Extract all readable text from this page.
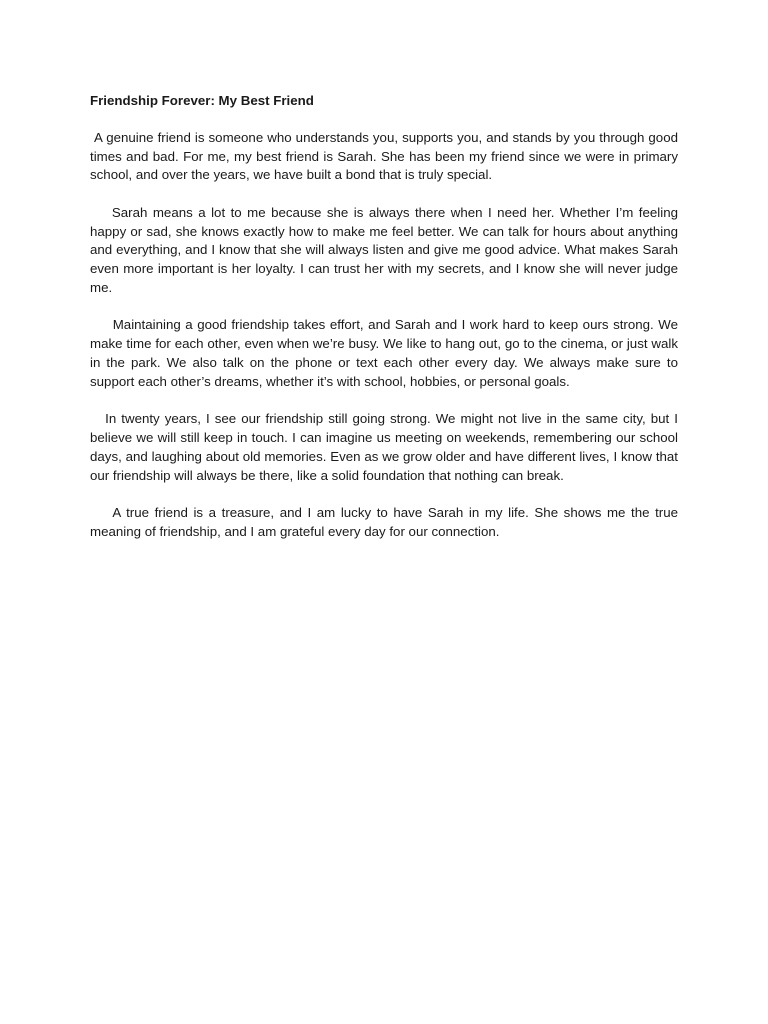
Friendship Forever: My Best Friend

A genuine friend is someone who understands you, supports you, and stands by you through good times and bad. For me, my best friend is Sarah. She has been my friend since we were in primary school, and over the years, we have built a bond that is truly special.

Sarah means a lot to me because she is always there when I need her. Whether I’m feeling happy or sad, she knows exactly how to make me feel better. We can talk for hours about anything and everything, and I know that she will always listen and give me good advice. What makes Sarah even more important is her loyalty. I can trust her with my secrets, and I know she will never judge me.

Maintaining a good friendship takes effort, and Sarah and I work hard to keep ours strong. We make time for each other, even when we’re busy. We like to hang out, go to the cinema, or just walk in the park. We also talk on the phone or text each other every day. We always make sure to support each other’s dreams, whether it’s with school, hobbies, or personal goals.

In twenty years, I see our friendship still going strong. We might not live in the same city, but I believe we will still keep in touch. I can imagine us meeting on weekends, remembering our school days, and laughing about old memories. Even as we grow older and have different lives, I know that our friendship will always be there, like a solid foundation that nothing can break.

A true friend is a treasure, and I am lucky to have Sarah in my life. She shows me the true meaning of friendship, and I am grateful every day for our connection.
